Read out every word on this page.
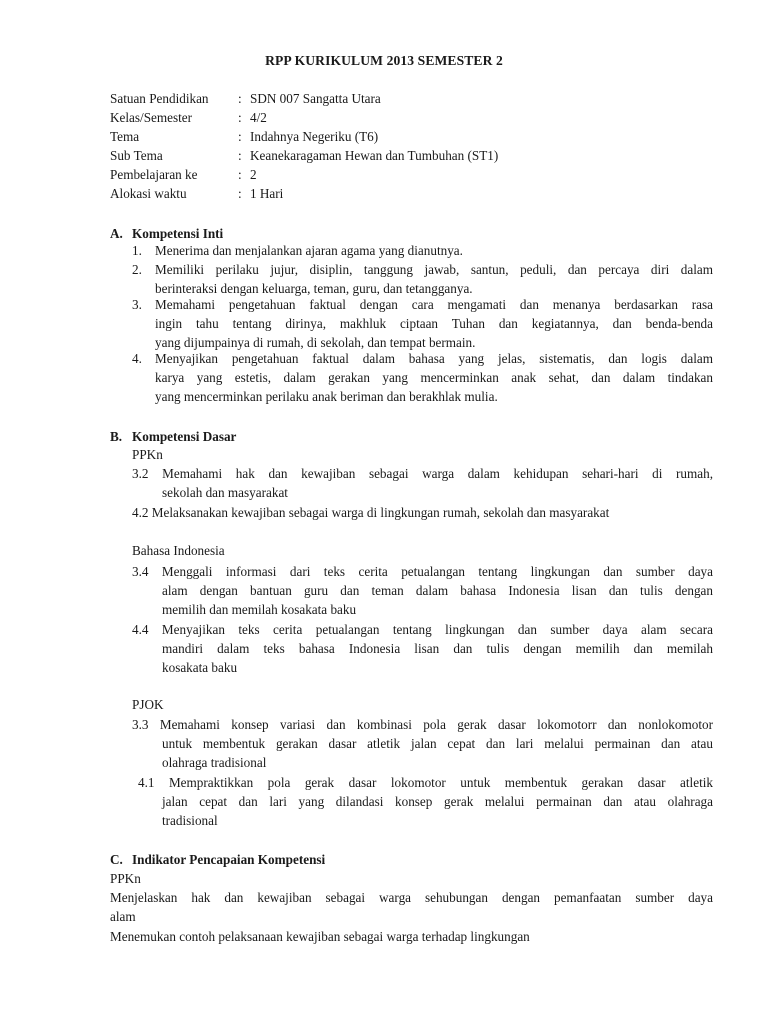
RPP KURIKULUM 2013 SEMESTER 2
Satuan Pendidikan : SDN 007 Sangatta Utara
Kelas/Semester	: 4/2
Tema	: Indahnya Negeriku (T6)
Sub Tema	: Keanekaragaman Hewan dan Tumbuhan (ST1)
Pembelajaran ke	: 2
Alokasi waktu	: 1 Hari
A. Kompetensi Inti
1. Menerima dan menjalankan ajaran agama yang dianutnya.
2. Memiliki perilaku jujur, disiplin, tanggung jawab, santun, peduli, dan percaya diri dalam
berinteraksi dengan keluarga, teman, guru, dan tetangganya.
3. Memahami pengetahuan faktual dengan cara mengamati dan menanya berdasarkan rasa
ingin tahu tentang dirinya, makhluk ciptaan Tuhan dan kegiatannya, dan benda-benda
yang dijumpainya di rumah, di sekolah, dan tempat bermain.
4. Menyajikan pengetahuan faktual dalam bahasa yang jelas, sistematis, dan logis dalam
karya yang estetis, dalam gerakan yang mencerminkan anak sehat, dan dalam tindakan
yang mencerminkan perilaku anak beriman dan berakhlak mulia.
B. Kompetensi Dasar
PPKn
3.2 Memahami hak dan kewajiban sebagai warga dalam kehidupan sehari-hari di rumah,
sekolah dan masyarakat
4.2 Melaksanakan kewajiban sebagai warga di lingkungan rumah, sekolah dan masyarakat
Bahasa Indonesia
3.4 Menggali informasi dari teks cerita petualangan tentang lingkungan dan sumber daya
alam dengan bantuan guru dan teman dalam bahasa Indonesia lisan dan tulis dengan
memilih dan memilah kosakata baku
4.4 Menyajikan teks cerita petualangan tentang lingkungan dan sumber daya alam secara
mandiri dalam teks bahasa Indonesia lisan dan tulis dengan memilih dan memilah
kosakata baku
PJOK
3.3 Memahami konsep variasi dan kombinasi pola gerak dasar lokomotorr dan nonlokomotor
untuk membentuk gerakan dasar atletik jalan cepat dan lari melalui permainan dan atau
olahraga tradisional
4.1 Mempraktikkan pola gerak dasar lokomotor untuk membentuk gerakan dasar atletik
jalan cepat dan lari yang dilandasi konsep gerak melalui permainan dan atau olahraga
tradisional
C. Indikator Pencapaian Kompetensi
PPKn
Menjelaskan hak dan kewajiban sebagai warga sehubungan dengan pemanfaatan sumber daya
alam
Menemukan contoh pelaksanaan kewajiban sebagai warga terhadap lingkungan
